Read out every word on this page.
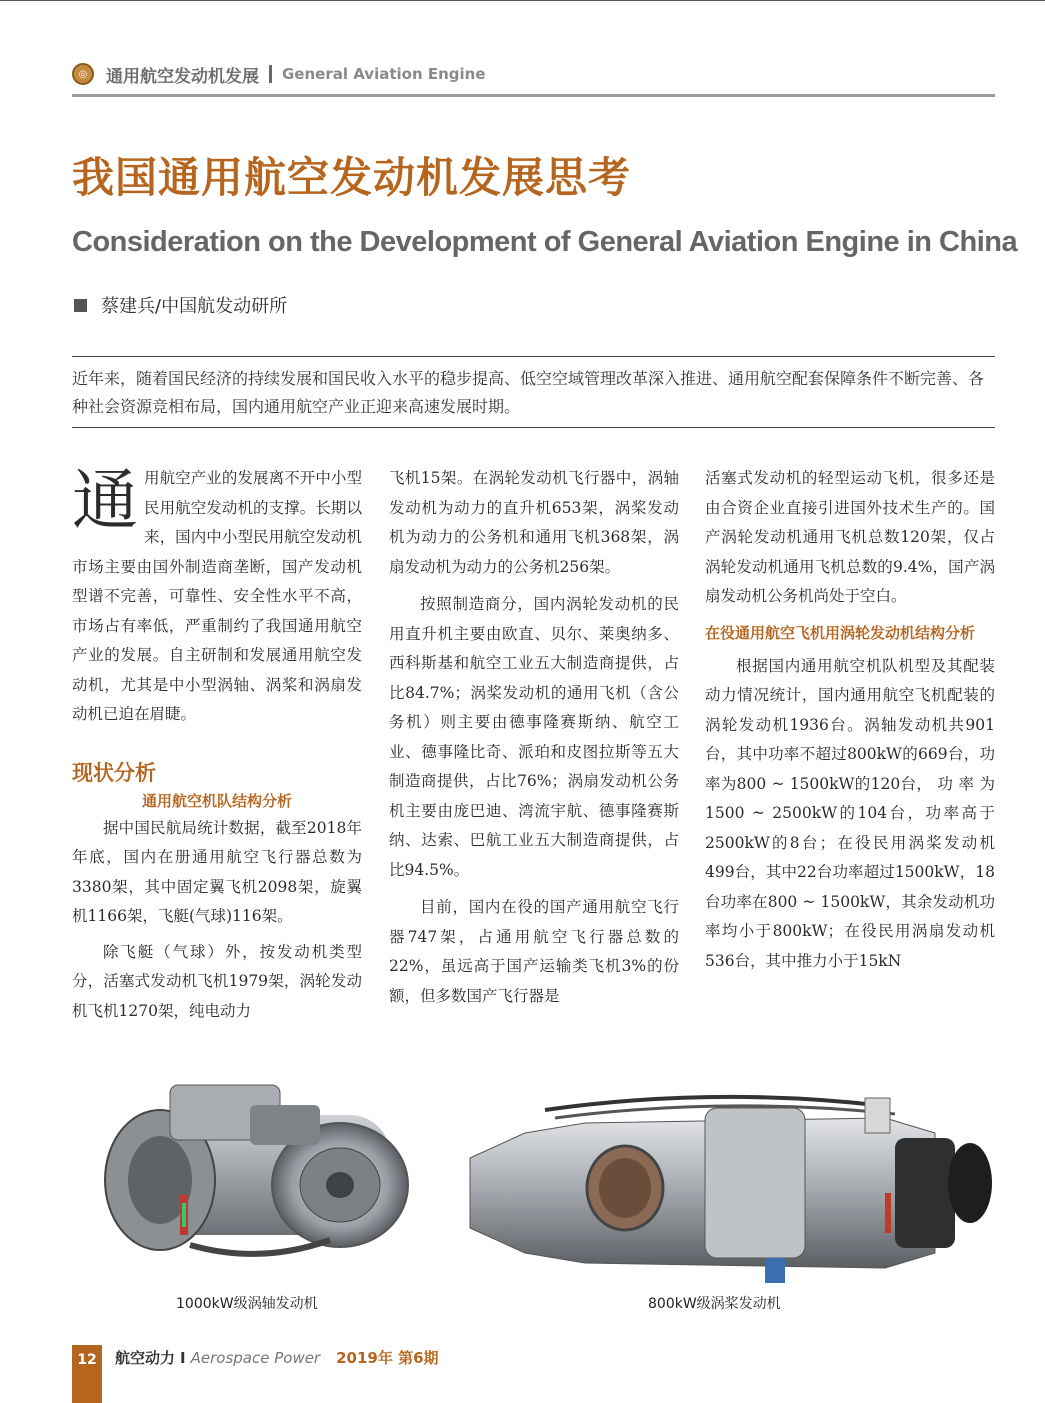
◎	通用航空发动机发展 General Aviation Engine
我国通用航空发动机发展思考
Consideration on the Development of General Aviation Engine in China
蔡建兵/中国航发动研所
近年来，随着国民经济的持续发展和国民收入水平的稳步提高、低空空域管理改革深入推进、通用航空配套保障条件不断完善、各种社会资源竞相布局，国内通用航空产业正迎来高速发展时期。
通 用航空产业的发展离不开中小型民用航空发动机的支撑。长期以来，国内中小型民用航空发动机市场主要由国外制造商垄断，国产发动机型谱不完善，可靠性、安全性水平不高，市场占有率低，严重制约了我国通用航空产业的发展。自主研制和发展通用航空发动机，尤其是中小型涡轴、涡桨和涡扇发动机已迫在眉睫。

现状分析
通用航空机队结构分析

据中国民航局统计数据，截至2018年年底，国内在册通用航空飞行器总数为3380架，其中固定翼飞机2098架，旋翼机1166架，飞艇(气球)116架。

除飞艇（气球）外，按发动机类型分，活塞式发动机飞机1979架，涡轮发动机飞机1270架，纯电动力

飞机15架。在涡轮发动机飞行器中，涡轴发动机为动力的直升机653架，涡桨发动机为动力的公务机和通用飞机368架，涡扇发动机为动力的公务机256架。

按照制造商分，国内涡轮发动机的民用直升机主要由欧直、贝尔、莱奥纳多、西科斯基和航空工业五大制造商提供，占比84.7%；涡桨发动机的通用飞机（含公务机）则主要由德事隆赛斯纳、航空工业、德事隆比奇、派珀和皮图拉斯等五大制造商提供，占比76%；涡扇发动机公务机主要由庞巴迪、湾流宇航、德事隆赛斯纳、达索、巴航工业五大制造商提供，占比94.5%。

目前，国内在役的国产通用航空飞行器747架，占通用航空飞行器总数的22%，虽远高于国产运输类飞机3%的份额，但多数国产飞行器是

活塞式发动机的轻型运动飞机，很多还是由合资企业直接引进国外技术生产的。国产涡轮发动机通用飞机总数120架，仅占涡轮发动机通用飞机总数的9.4%，国产涡扇发动机公务机尚处于空白。

在役通用航空飞机用涡轮发动机结构分析

根据国内通用航空机队机型及其配装动力情况统计，国内通用航空飞机配装的涡轮发动机1936台。涡轴发动机共901台，其中功率不超过800kW的669台，功率为800 ~ 1500kW的120台， 功 率 为1500 ~ 2500kW的104台，功率高于2500kW的8台；在役民用涡桨发动机499台，其中22台功率超过1500kW，18台功率在800 ~ 1500kW，其余发动机功率均小于800kW；在役民用涡扇发动机536台，其中推力小于15kN

1000kW级涡轴发动机	800kW级涡桨发动机
12	航空动力 I Aerospace Power 2019年 第6期
